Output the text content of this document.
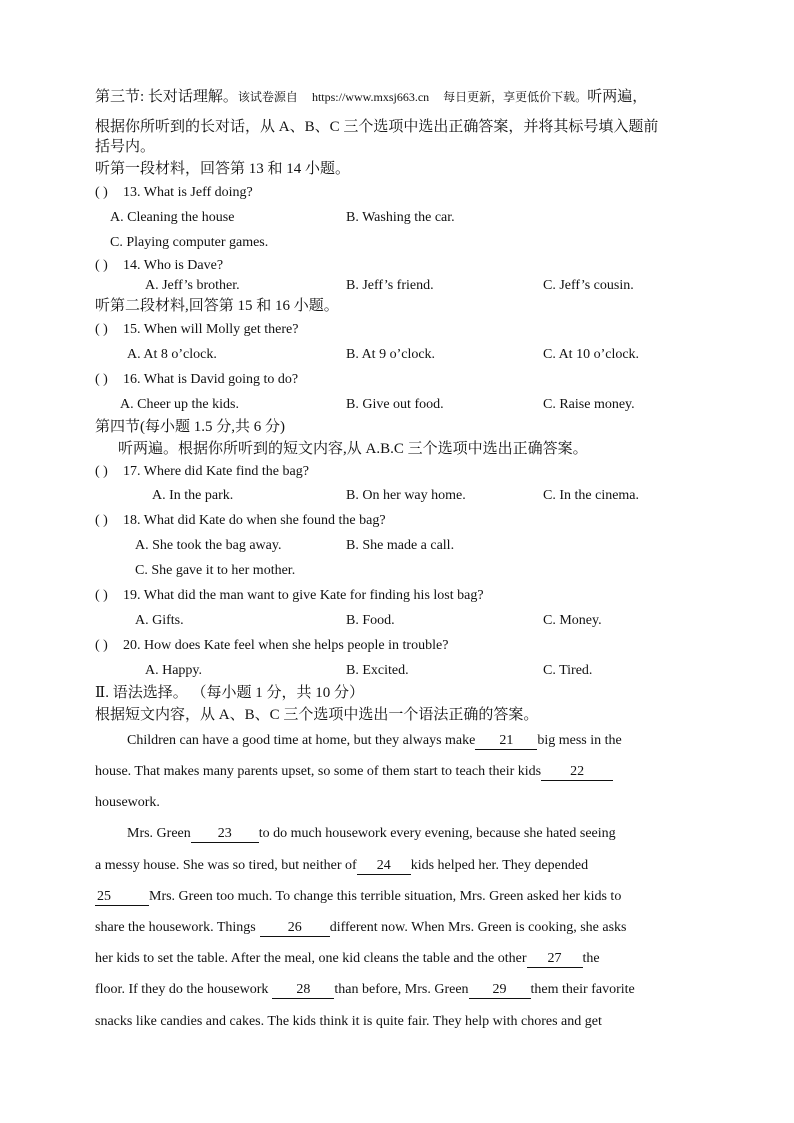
第三节: 长对话理解。该试卷源自 https://www.mxsj663.cn 每日更新，享更低价下载。听两遍，
根据你所听到的长对话，从 A、B、C 三个选项中选出正确答案，并将其标号填入题前
括号内。
听第一段材料，回答第 13 和 14 小题。
( ) 13. What is Jeff doing?
A. Cleaning the house	B. Washing the car.
C. Playing computer games.
( ) 14. Who is Dave?
A. Jeff’s brother.	B. Jeff’s friend.	C. Jeff’s cousin.
听第二段材料,回答第 15 和 16 小题。
( ) 15. When will Molly get there?
A. At 8 o’clock.	B. At 9 o’clock.	C. At 10 o’clock.
( ) 16. What is David going to do?
A. Cheer up the kids.	B. Give out food.	C. Raise money.
第四节(每小题 1.5 分,共 6 分)
听两遍。根据你所听到的短文内容,从 A.B.C 三个选项中选出正确答案。
( ) 17. Where did Kate find the bag?
A. In the park.	B. On her way home.	C. In the cinema.
( ) 18. What did Kate do when she found the bag?
A. She took the bag away.	B. She made a call.
C. She gave it to her mother.
( ) 19. What did the man want to give Kate for finding his lost bag?
A. Gifts.	B. Food.	C. Money.
( ) 20. How does Kate feel when she helps people in trouble?
A. Happy.	B. Excited.	C. Tired.
Ⅱ. 语法选择。 （每小题 1 分，共 10 分）
根据短文内容，从 A、B、C 三个选项中选出一个语法正确的答案。
Children can have a good time at home, but they always make 21 big mess in the
house. That makes many parents upset, so some of them start to teach their kids 22
housework.
Mrs. Green 23 to do much housework every evening, because she hated seeing
a messy house. She was so tired, but neither of 24 kids helped her. They depended
25	Mrs. Green too much. To change this terrible situation, Mrs. Green asked her kids to
share the housework. Things 26 different now. When Mrs. Green is cooking, she asks
her kids to set the table. After the meal, one kid cleans the table and the other 27 the
floor. If they do the housework 28 than before, Mrs. Green 29 them their favorite
snacks like candies and cakes. The kids think it is quite fair. They help with chores and get
